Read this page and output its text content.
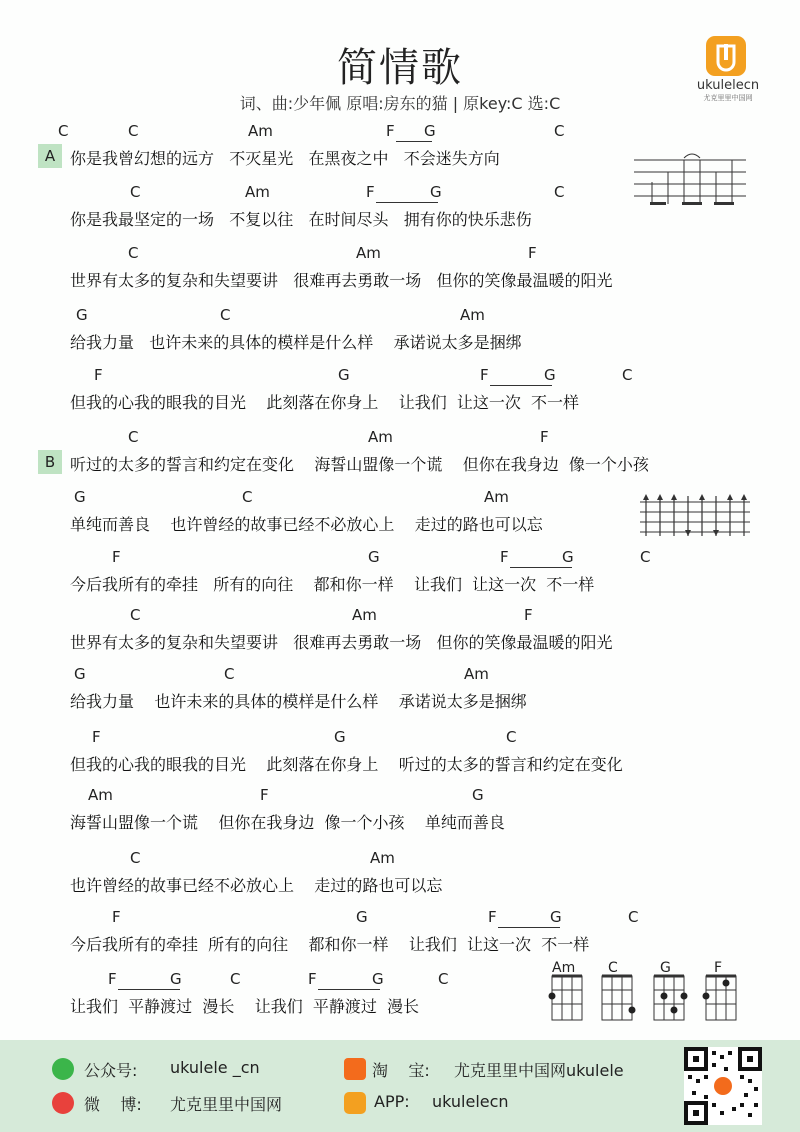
简情歌
词、曲:少年佩 原唱:房东的猫 | 原key:C 选:C
ukulelecn
尤克里里中国网
A
C	C	Am	F G	C
你是我曾幻想的远方   不灭星光   在黑夜之中   不会迷失方向
C	Am	F	G	C
你是我最坚定的一场   不复以往   在时间尽头   拥有你的快乐悲伤
C	Am	F
世界有太多的复杂和失望要讲   很难再去勇敢一场   但你的笑像最温暖的阳光
G	C	Am
给我力量   也许未来的具体的模样是什么样    承诺说太多是捆绑
F	G	F	G	C
但我的心我的眼我的目光    此刻落在你身上    让我们  让这一次  不一样
B
C	Am	F
听过的太多的誓言和约定在变化    海誓山盟像一个谎    但你在我身边  像一个小孩
G	C	Am
单纯而善良    也许曾经的故事已经不必放心上    走过的路也可以忘
F	G	F	G	C
今后我所有的牵挂   所有的向往    都和你一样    让我们  让这一次  不一样
C	Am	F
世界有太多的复杂和失望要讲   很难再去勇敢一场   但你的笑像最温暖的阳光
G	C	Am
给我力量    也许未来的具体的模样是什么样    承诺说太多是捆绑
F	G	C
但我的心我的眼我的目光    此刻落在你身上    听过的太多的誓言和约定在变化
Am	F	G
海誓山盟像一个谎    但你在我身边  像一个小孩    单纯而善良
C	Am
也许曾经的故事已经不必放心上    走过的路也可以忘
F	G	F	G	C
今后我所有的牵挂  所有的向往    都和你一样    让我们  让这一次  不一样
F	G	C	F	G	C
让我们  平静渡过  漫长    让我们  平静渡过  漫长
Am C	G	F
公众号: ukulele _cn
微    博: 尤克里里中国网
淘    宝: 尤克里里中国网ukulele
APP: ukulelecn
